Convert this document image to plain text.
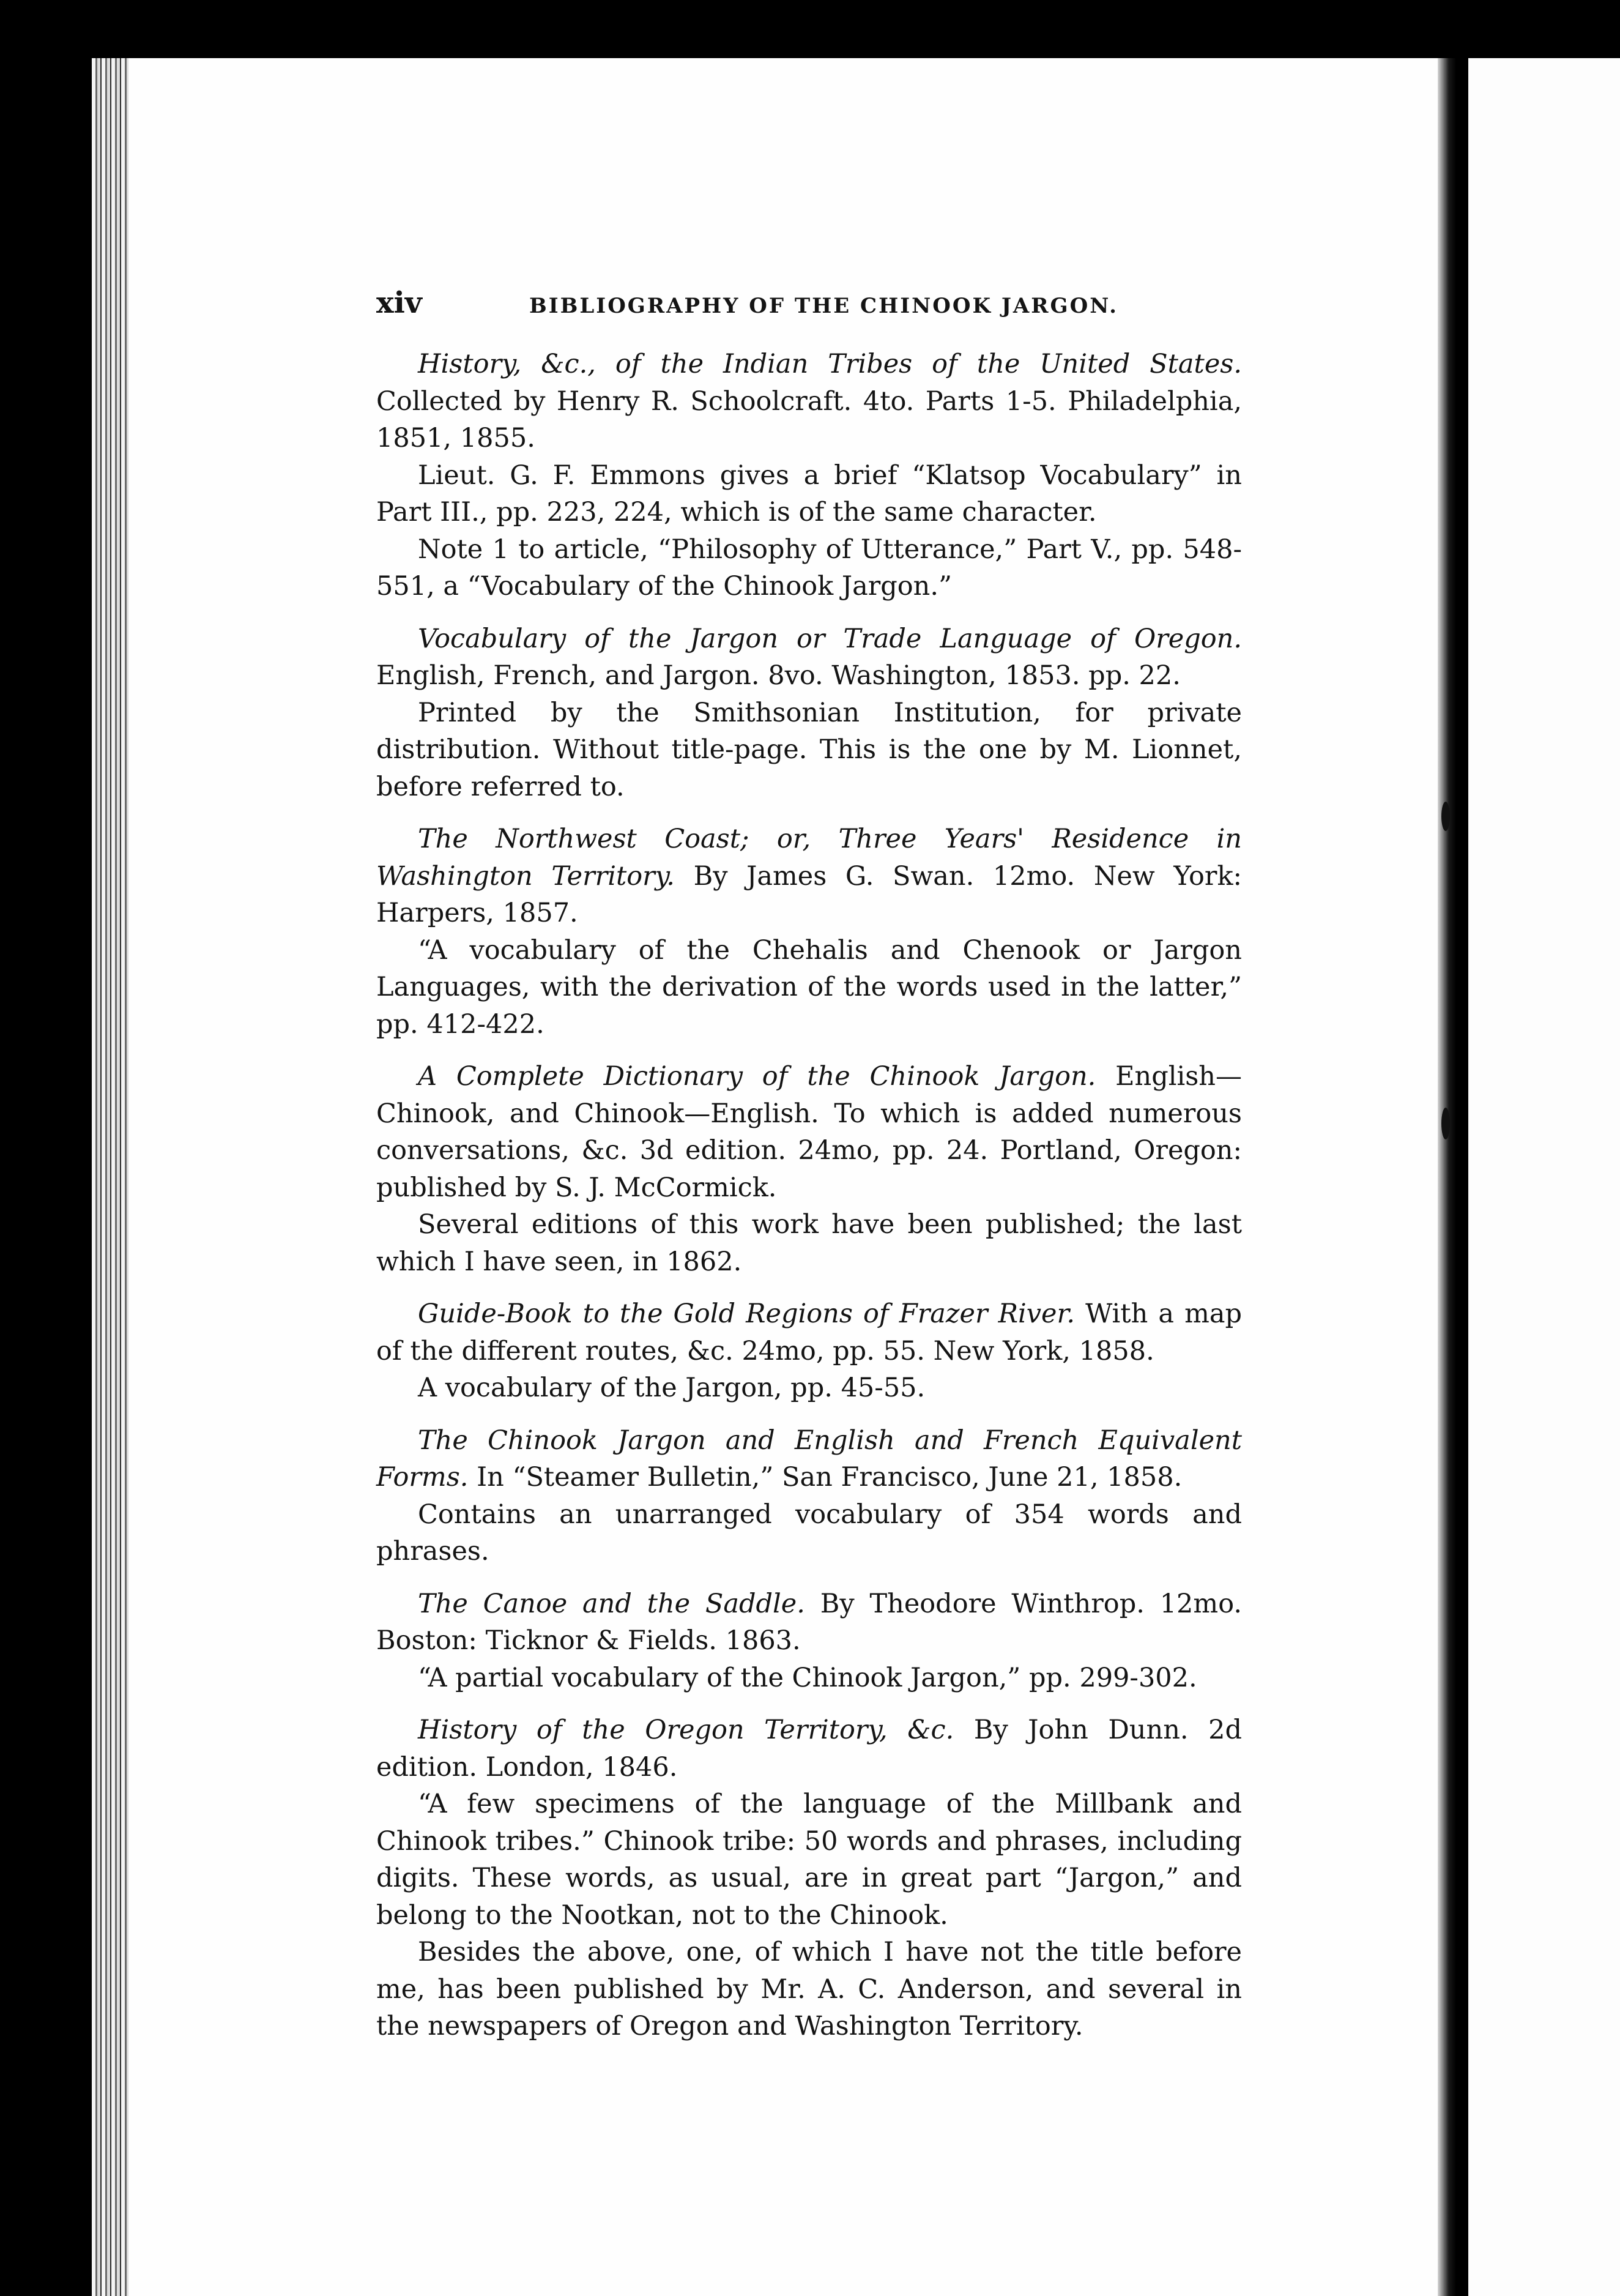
xiv	BIBLIOGRAPHY OF THE CHINOOK JARGON.

History, &c., of the Indian Tribes of the United States. Collected by Henry R. Schoolcraft. 4to. Parts 1-5. Philadelphia, 1851, 1855.

Lieut. G. F. Emmons gives a brief “Klatsop Vocabulary” in Part III., pp. 223, 224, which is of the same character.

Note 1 to article, “Philosophy of Utterance,” Part V., pp. 548-551, a “Vocabulary of the Chinook Jargon.”

Vocabulary of the Jargon or Trade Language of Oregon. English, French, and Jargon. 8vo. Washington, 1853. pp. 22.

Printed by the Smithsonian Institution, for private distribution. Without title-page. This is the one by M. Lionnet, before referred to.

The Northwest Coast; or, Three Years' Residence in Washington Territory. By James G. Swan. 12mo. New York: Harpers, 1857.

“A vocabulary of the Chehalis and Chenook or Jargon Languages, with the derivation of the words used in the latter,” pp. 412-422.

A Complete Dictionary of the Chinook Jargon. English—Chinook, and Chinook—English. To which is added numerous conversations, &c. 3d edition. 24mo, pp. 24. Portland, Oregon: published by S. J. McCormick.

Several editions of this work have been published; the last which I have seen, in 1862.

Guide-Book to the Gold Regions of Frazer River. With a map of the different routes, &c. 24mo, pp. 55. New York, 1858.

A vocabulary of the Jargon, pp. 45-55.

The Chinook Jargon and English and French Equivalent Forms. In “Steamer Bulletin,” San Francisco, June 21, 1858.

Contains an unarranged vocabulary of 354 words and phrases.

The Canoe and the Saddle. By Theodore Winthrop. 12mo. Boston: Ticknor & Fields. 1863.

“A partial vocabulary of the Chinook Jargon,” pp. 299-302.

History of the Oregon Territory, &c. By John Dunn. 2d edition. London, 1846.

“A few specimens of the language of the Millbank and Chinook tribes.” Chinook tribe: 50 words and phrases, including digits. These words, as usual, are in great part “Jargon,” and belong to the Nootkan, not to the Chinook.

Besides the above, one, of which I have not the title before me, has been published by Mr. A. C. Anderson, and several in the newspapers of Oregon and Washington Territory.
